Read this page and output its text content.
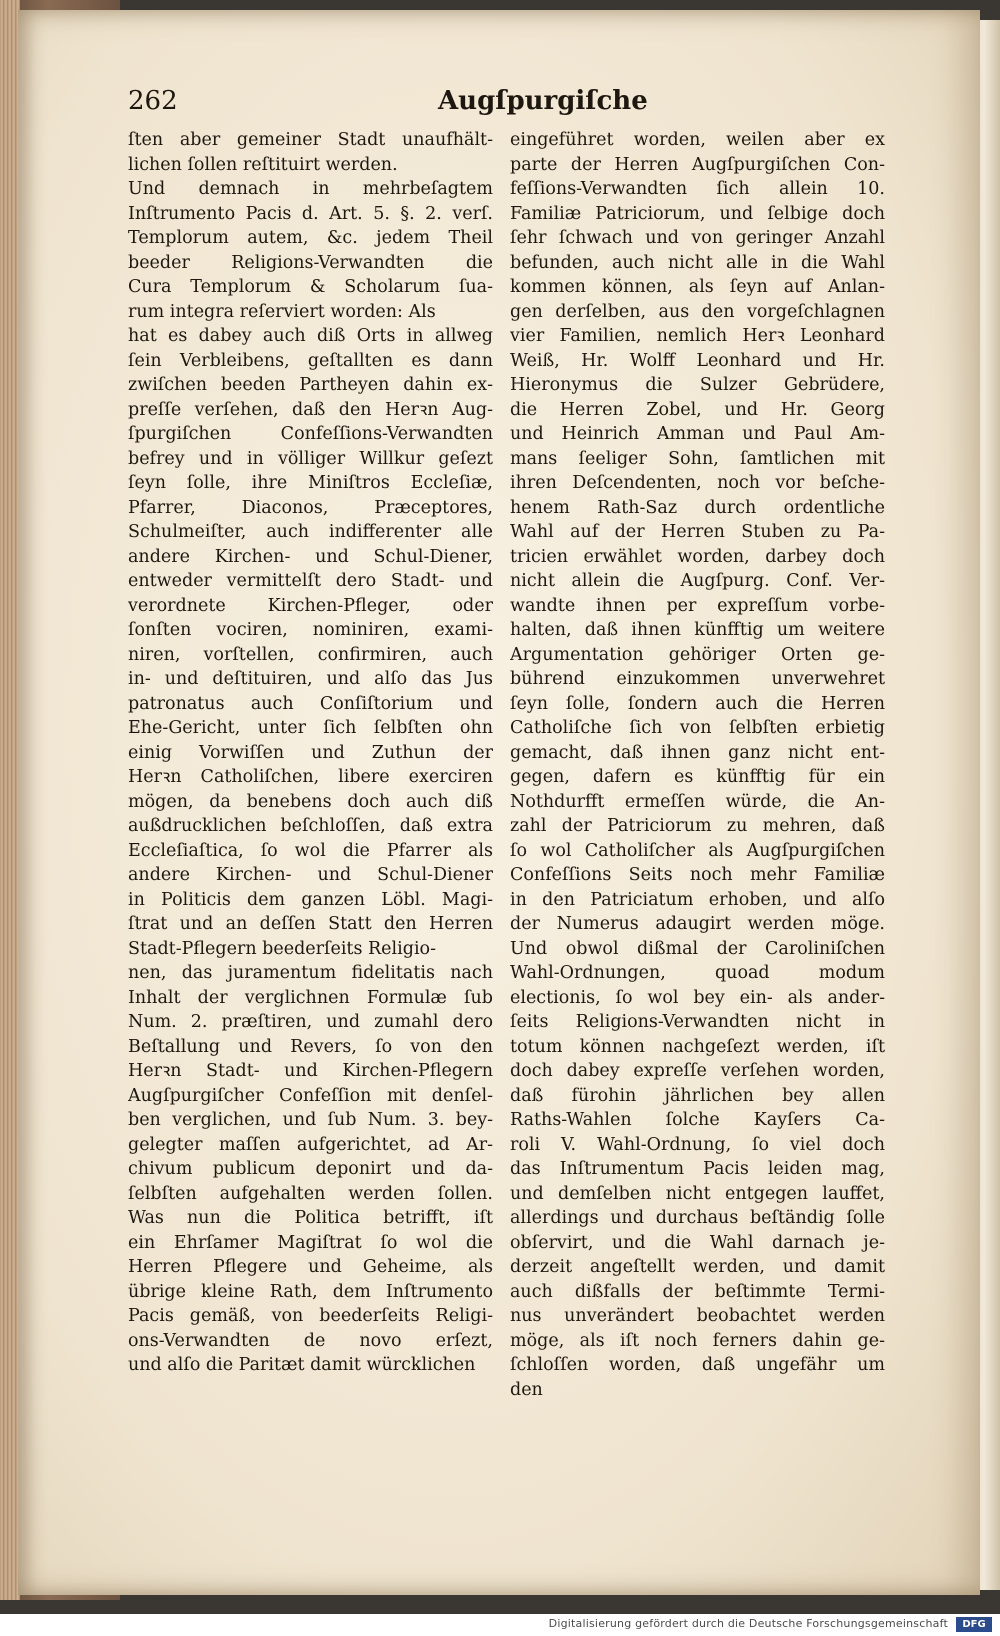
262	Augſpurgiſche
ſten aber gemeiner Stadt unaufhält‐
lichen ſollen reſtituirt werden.
Und demnach in mehrbeſagtem
Inſtrumento Pacis d. Art. 5. §. 2. verſ.
Templorum autem, &c. jedem Theil
beeder Religions‐Verwandten die
Cura Templorum & Scholarum ſua‐
rum integra reſerviert worden: Als
hat es dabey auch diß Orts in allweg
ſein Verbleibens, geſtallten es dann
zwiſchen beeden Partheyen dahin ex‐
preſſe verſehen, daß den Herꝛn Aug‐
ſpurgiſchen Confeſſions‐Verwandten
befrey und in völliger Willkur geſezt
ſeyn ſolle, ihre Miniſtros Eccleſiæ,
Pfarrer, Diaconos, Præceptores,
Schulmeiſter, auch indifferenter alle
andere Kirchen‐ und Schul‐Diener,
entweder vermittelſt dero Stadt‐ und
verordnete Kirchen‐Pfleger, oder
ſonſten vociren, nominiren, exami‐
niren, vorſtellen, confirmiren, auch
in‐ und deſtituiren, und alſo das Jus
patronatus auch Conſiſtorium und
Ehe‐Gericht, unter ſich ſelbſten ohn
einig Vorwiſſen und Zuthun der
Herꝛn Catholiſchen, libere exerciren
mögen, da benebens doch auch diß
außdrucklichen beſchloſſen, daß extra
Eccleſiaſtica, ſo wol die Pfarrer als
andere Kirchen‐ und Schul‐Diener
in Politicis dem ganzen Löbl. Magi‐
ſtrat und an deſſen Statt den Herren
Stadt‐Pflegern beederſeits Religio‐
nen, das juramentum fidelitatis nach
Inhalt der verglichnen Formulæ ſub
Num. 2. præſtiren, und zumahl dero
Beſtallung und Revers, ſo von den
Herꝛn Stadt‐ und Kirchen‐Pflegern
Augſpurgiſcher Confeſſion mit denſel‐
ben verglichen, und ſub Num. 3. bey‐
gelegter maſſen aufgerichtet, ad Ar‐
chivum publicum deponirt und da‐
ſelbſten aufgehalten werden ſollen.
Was nun die Politica betrifft, iſt
ein Ehrſamer Magiſtrat ſo wol die
Herren Pflegere und Geheime, als
übrige kleine Rath, dem Inſtrumento
Pacis gemäß, von beederſeits Religi‐
ons‐Verwandten de novo erſezt,
und alſo die Paritæt damit würcklichen
eingeführet worden, weilen aber ex
parte der Herren Augſpurgiſchen Con‐
feſſions‐Verwandten ſich allein 10.
Familiæ Patriciorum, und ſelbige doch
ſehr ſchwach und von geringer Anzahl
befunden, auch nicht alle in die Wahl
kommen können, als ſeyn auf Anlan‐
gen derſelben, aus den vorgeſchlagnen
vier Familien, nemlich Herꝛ Leonhard
Weiß, Hr. Wolff Leonhard und Hr.
Hieronymus die Sulzer Gebrüdere,
die Herren Zobel, und Hr. Georg
und Heinrich Amman und Paul Am‐
mans ſeeliger Sohn, ſamtlichen mit
ihren Deſcendenten, noch vor beſche‐
henem Rath‐Saz durch ordentliche
Wahl auf der Herren Stuben zu Pa‐
tricien erwählet worden, darbey doch
nicht allein die Augſpurg. Conf. Ver‐
wandte ihnen per expreſſum vorbe‐
halten, daß ihnen künfftig um weitere
Argumentation gehöriger Orten ge‐
bührend einzukommen unverwehret
ſeyn ſolle, ſondern auch die Herren
Catholiſche ſich von ſelbſten erbietig
gemacht, daß ihnen ganz nicht ent‐
gegen, dafern es künfftig für ein
Nothdurfft ermeſſen würde, die An‐
zahl der Patriciorum zu mehren, daß
ſo wol Catholiſcher als Augſpurgiſchen
Confeſſions Seits noch mehr Familiæ
in den Patriciatum erhoben, und alſo
der Numerus adaugirt werden möge.
Und obwol dißmal der Caroliniſchen
Wahl‐Ordnungen, quoad modum
electionis, ſo wol bey ein‐ als ander‐
ſeits Religions‐Verwandten nicht in
totum können nachgeſezt werden, iſt
doch dabey expreſſe verſehen worden,
daß fürohin jährlichen bey allen
Raths‐Wahlen ſolche Kayſers Ca‐
roli V. Wahl‐Ordnung, ſo viel doch
das Inſtrumentum Pacis leiden mag,
und demſelben nicht entgegen lauffet,
allerdings und durchaus beſtändig ſolle
obſervirt, und die Wahl darnach je‐
derzeit angeſtellt werden, und damit
auch dißfalls der beſtimmte Termi‐
nus unverändert beobachtet werden
möge, als iſt noch ferners dahin ge‐
ſchloſſen worden, daß ungefähr um
den
Digitalisierung gefördert durch die Deutsche Forschungsgemeinschaft	DFG
